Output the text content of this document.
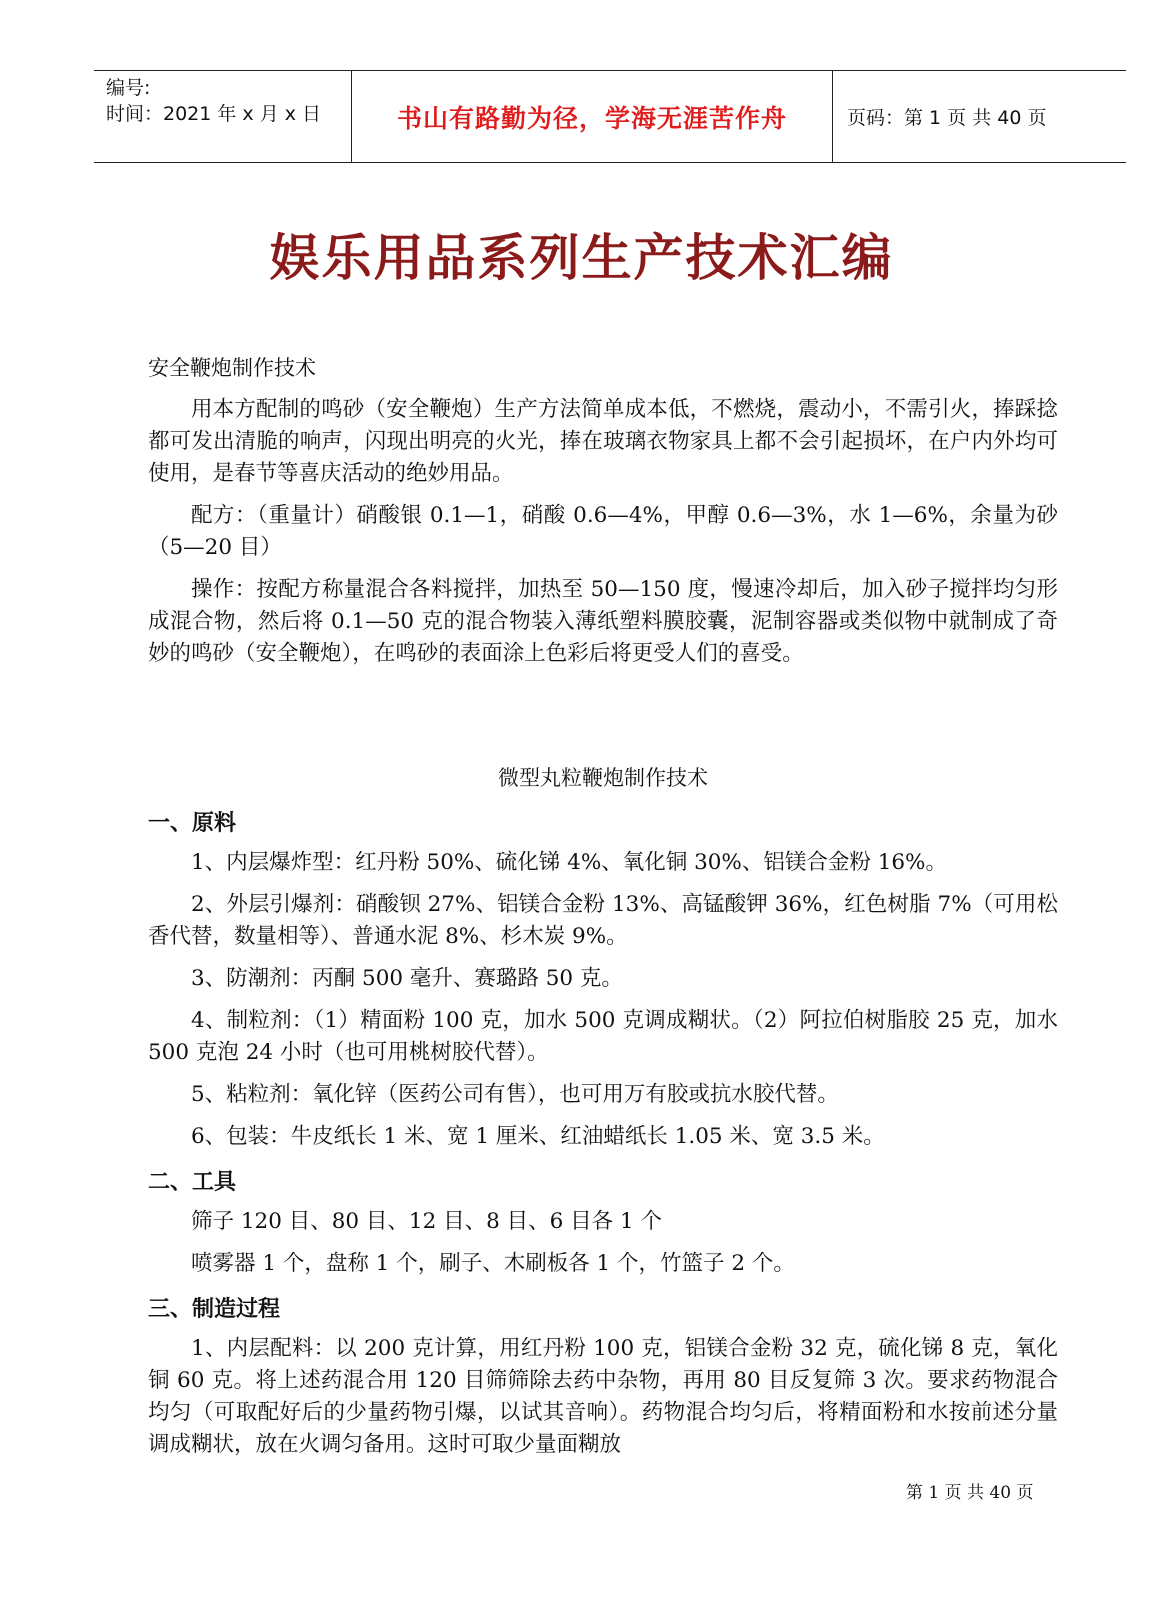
编号:
时间：2021 年 x 月 x 日	书山有路勤为径，学海无涯苦作舟	页码：第 1 页 共 40 页
娱乐用品系列生产技术汇编
安全鞭炮制作技术

用本方配制的鸣砂（安全鞭炮）生产方法简单成本低，不燃烧，震动小，不需引火，捧踩捻都可发出清脆的响声，闪现出明亮的火光，捧在玻璃衣物家具上都不会引起损坏，在户内外均可使用，是春节等喜庆活动的绝妙用品。

配方：（重量计）硝酸银 0.1—1，硝酸 0.6—4%，甲醇 0.6—3%，水 1—6%，余量为砂（5—20 目）

操作：按配方称量混合各料搅拌，加热至 50—150 度，慢速冷却后，加入砂子搅拌均匀形成混合物，然后将 0.1—50 克的混合物装入薄纸塑料膜胶囊，泥制容器或类似物中就制成了奇妙的鸣砂（安全鞭炮），在鸣砂的表面涂上色彩后将更受人们的喜受。

微型丸粒鞭炮制作技术
一、原料

1、内层爆炸型：红丹粉 50%、硫化锑 4%、氧化铜 30%、铝镁合金粉 16%。

2、外层引爆剂：硝酸钡 27%、铝镁合金粉 13%、高锰酸钾 36%，红色树脂 7%（可用松香代替，数量相等）、普通水泥 8%、杉木炭 9%。

3、防潮剂：丙酮 500 毫升、赛璐路 50 克。

4、制粒剂：（1）精面粉 100 克，加水 500 克调成糊状。（2）阿拉伯树脂胶 25 克，加水 500 克泡 24 小时（也可用桃树胶代替）。

5、粘粒剂：氧化锌（医药公司有售），也可用万有胶或抗水胶代替。

6、包装：牛皮纸长 1 米、宽 1 厘米、红油蜡纸长 1.05 米、宽 3.5 米。

二、工具

筛子 120 目、80 目、12 目、8 目、6 目各 1 个

喷雾器 1 个，盘称 1 个，刷子、木刷板各 1 个，竹篮子 2 个。

三、制造过程

1、内层配料：以 200 克计算，用红丹粉 100 克，铝镁合金粉 32 克，硫化锑 8 克，氧化铜 60 克。将上述药混合用 120 目筛筛除去药中杂物，再用 80 目反复筛 3 次。要求药物混合均匀（可取配好后的少量药物引爆，以试其音响）。药物混合均匀后，将精面粉和水按前述分量调成糊状，放在火调匀备用。这时可取少量面糊放

第 1 页 共 40 页
